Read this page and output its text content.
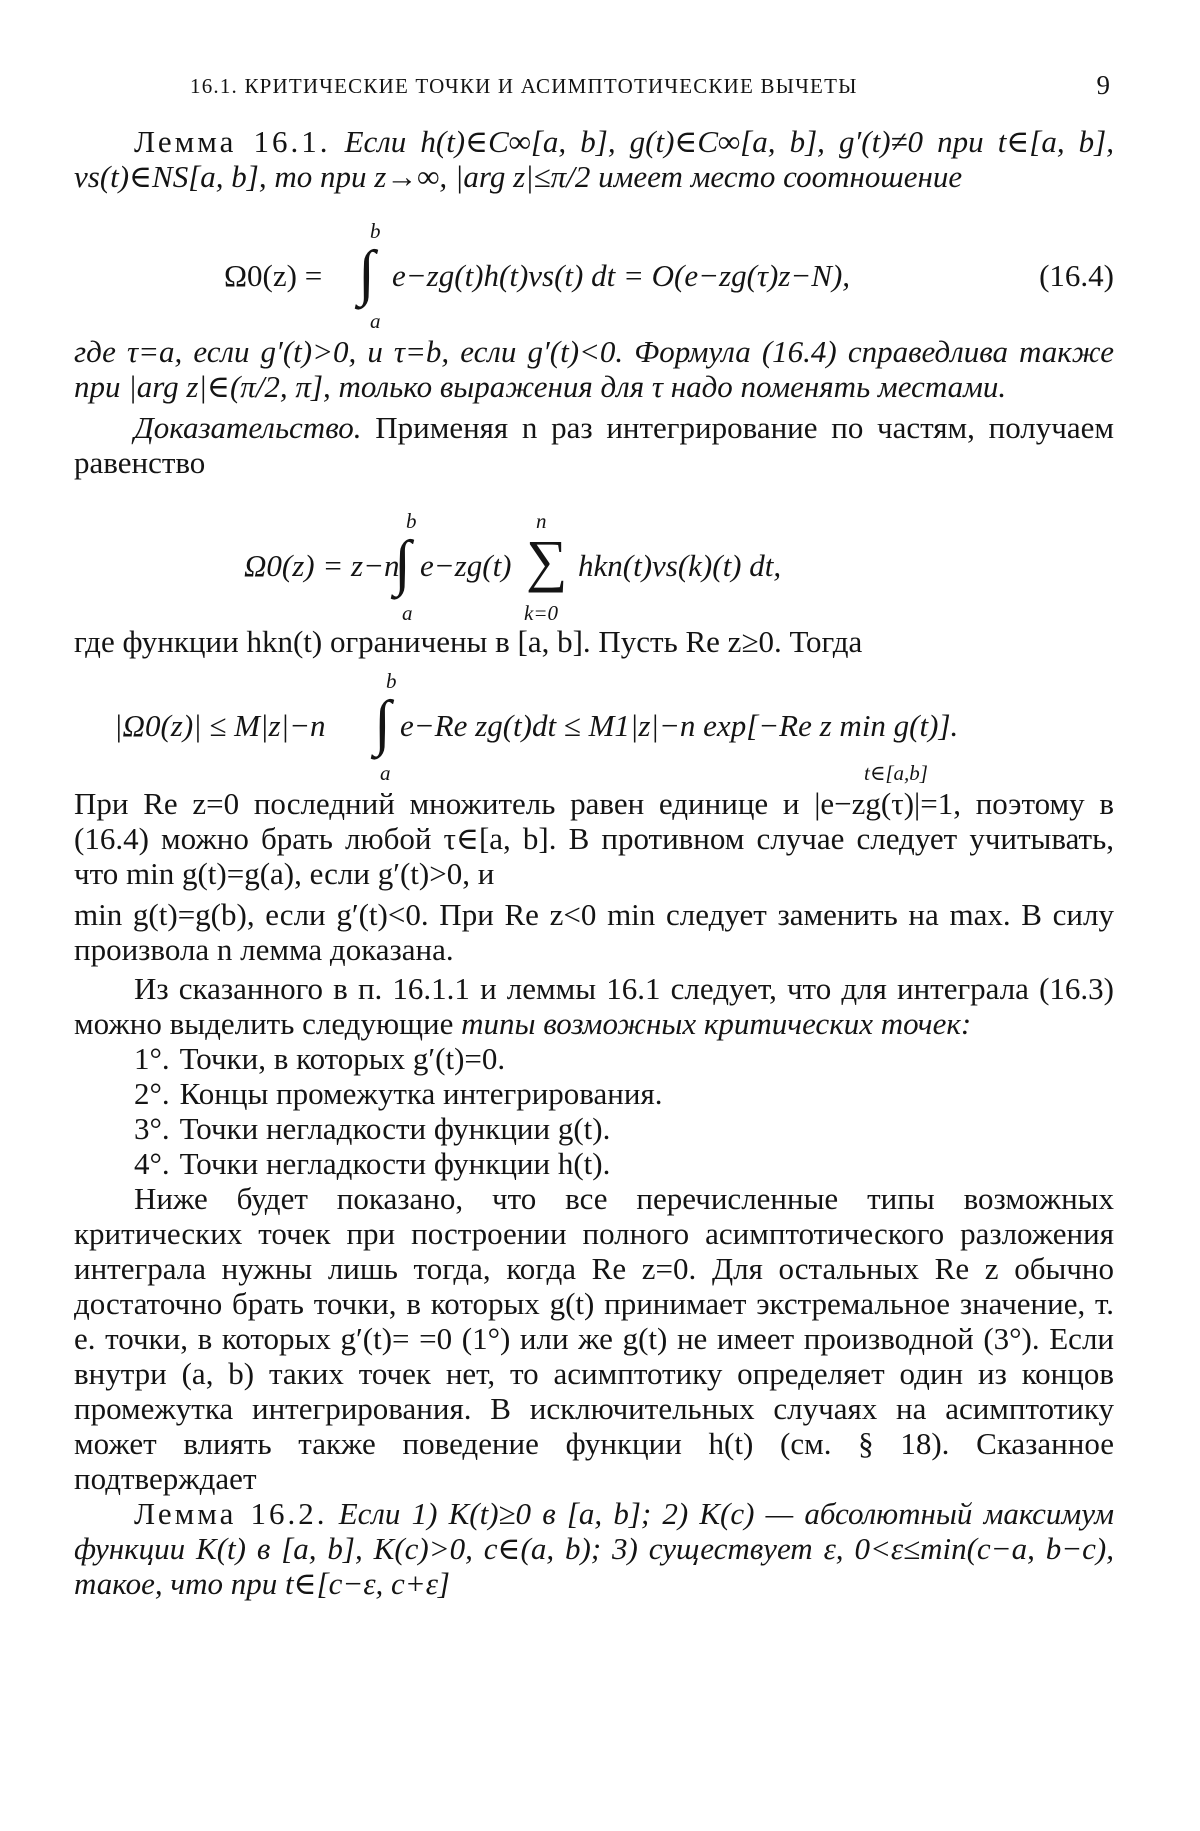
16.1. КРИТИЧЕСКИЕ ТОЧКИ И АСИМПТОТИЧЕСКИЕ ВЫЧЕТЫ	9

Лемма 16.1. Если h(t)∈C∞[a, b], g(t)∈C∞[a, b], g′(t)≠0 при t∈[a, b], νs(t)∈NS[a, b], то при z→∞, |arg z|≤π/2 имеет место соотношение

b
Ω0(z) = ∫ e−zg(t)h(t)νs(t) dt = O(e−zg(τ)z−N),	(16.4)
a

где τ=a, если g′(t)>0, и τ=b, если g′(t)<0. Формула (16.4) справедлива также при |arg z|∈(π/2, π], только выражения для τ надо поменять местами.

Доказательство. Применяя n раз интегрирование по частям, получаем равенство

b	n
Ω0(z) = z−n
∫ e−zg(t) ∑ hkn(t)νs(k)(t) dt,
a	k=0

где функции hkn(t) ограничены в [a, b]. Пусть Re z≥0. Тогда

b
|Ω0(z)| ≤ M|z|−n ∫ e−Re zg(t)dt ≤ M1|z|−n exp[−Re z min g(t)].
a	t∈[a,b]

При Re z=0 последний множитель равен единице и |e−zg(τ)|=1, поэтому в (16.4) можно брать любой τ∈[a, b]. В противном случае следует учитывать, что min g(t)=g(a), если g′(t)>0, и

min g(t)=g(b), если g′(t)<0. При Re z<0 min следует заменить на max. В силу произвола n лемма доказана.

Из сказанного в п. 16.1.1 и леммы 16.1 следует, что для интеграла (16.3) можно выделить следующие типы возможных критических точек:

1°. Точки, в которых g′(t)=0.
2°. Концы промежутка интегрирования.
3°. Точки негладкости функции g(t).
4°. Точки негладкости функции h(t).

Ниже будет показано, что все перечисленные типы возможных критических точек при построении полного асимптотического разложения интеграла нужны лишь тогда, когда Re z=0. Для остальных Re z обычно достаточно брать точки, в которых g(t) принимает экстремальное значение, т. е. точки, в которых g′(t)= =0 (1°) или же g(t) не имеет производной (3°). Если внутри (a, b) таких точек нет, то асимптотику определяет один из концов промежутка интегрирования. В исключительных случаях на асимптотику может влиять также поведение функции h(t) (см. § 18). Сказанное подтверждает

Лемма 16.2. Если 1) K(t)≥0 в [a, b]; 2) K(c) — абсолютный максимум функции K(t) в [a, b], K(c)>0, c∈(a, b); 3) существует ε, 0<ε≤min(c−a, b−c), такое, что при t∈[c−ε, c+ε]
